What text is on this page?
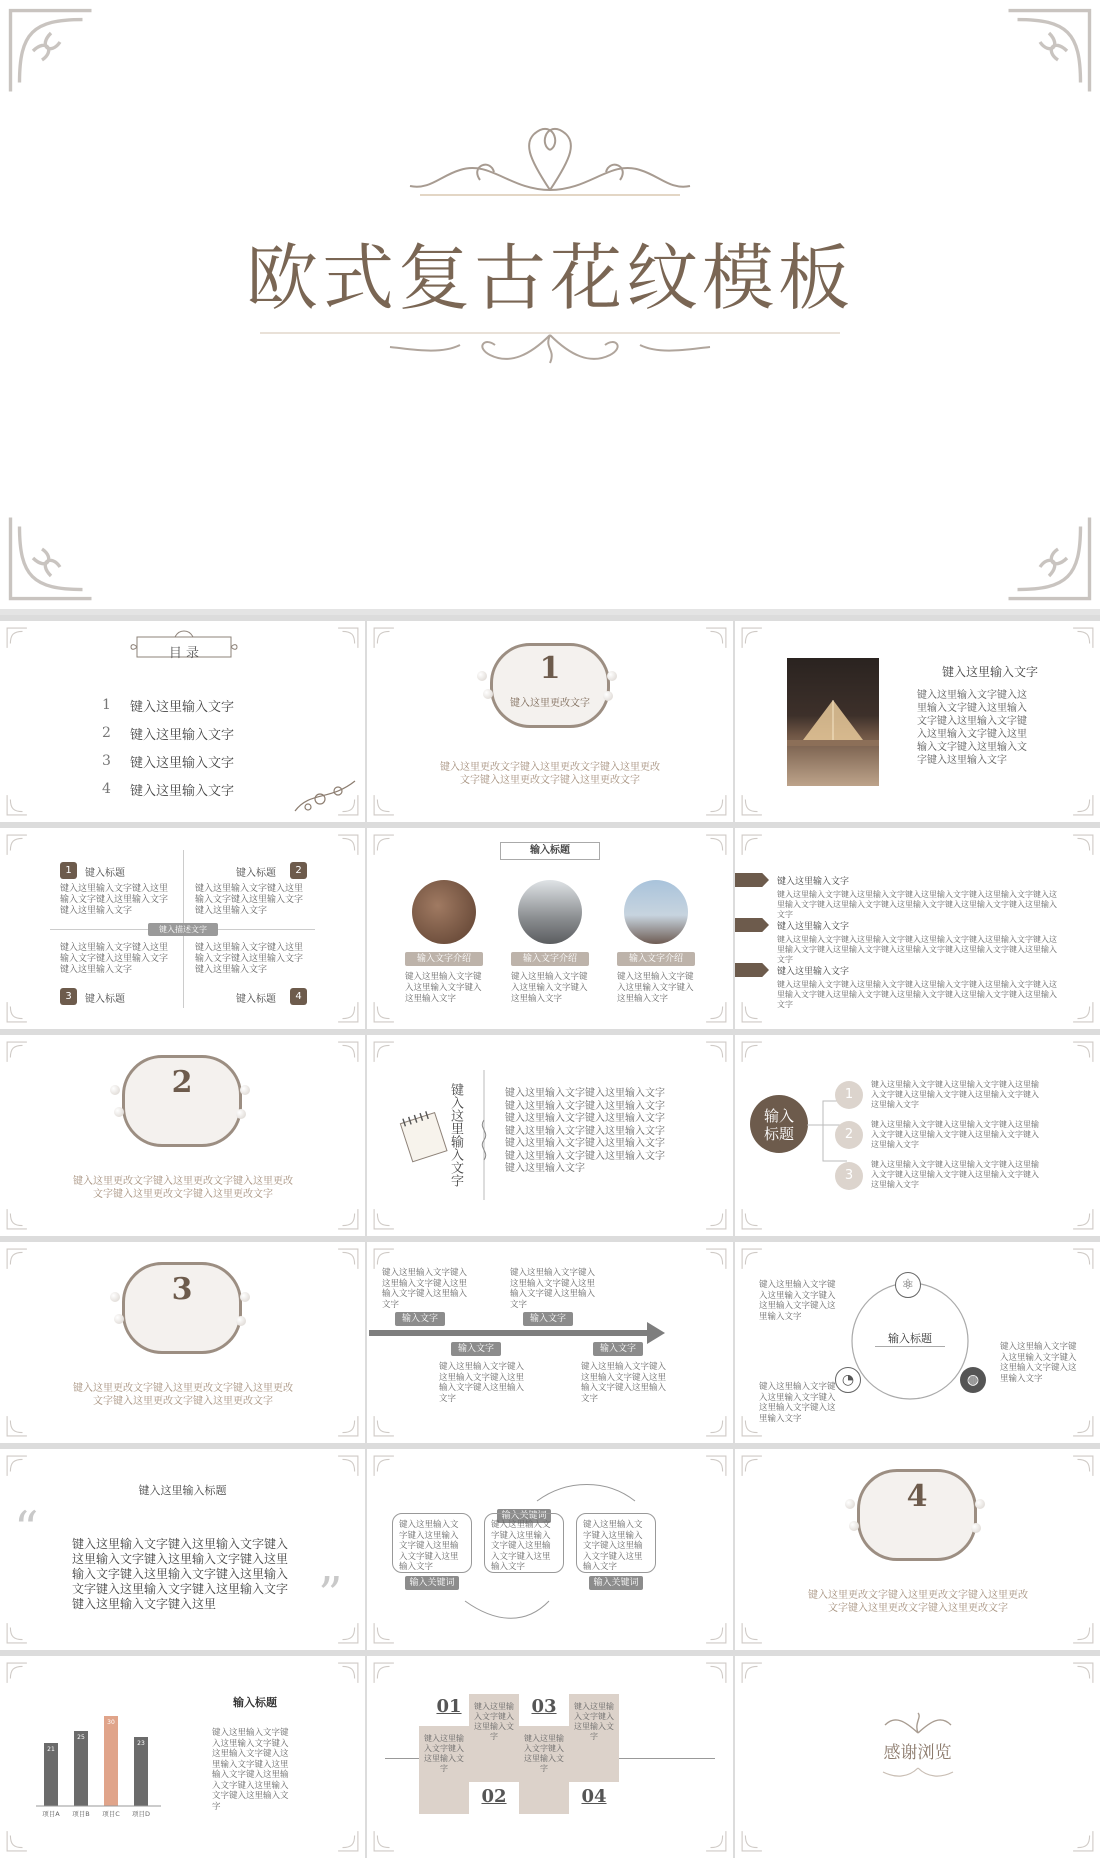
欧式复古花纹模板
目 录
1	键入这里输入文字
2	键入这里输入文字
3	键入这里输入文字
4	键入这里输入文字
1
键入这里更改文字
键入这里更改文字键入这里更改文字键入这里更改文字键入这里更改文字键入这里更改文字
键入这里输入文字
键入这里输入文字键入这里输入文字键入这里输入文字键入这里输入文字键入这里输入文字键入这里输入文字键入这里输入文字键入这里输入文字
键入描述文字
1	键入标题
键入这里输入文字键入这里输入文字键入这里输入文字键入这里输入文字
2
键入标题
键入这里输入文字键入这里输入文字键入这里输入文字键入这里输入文字
键入这里输入文字键入这里输入文字键入这里输入文字键入这里输入文字
3	键入标题
键入这里输入文字键入这里输入文字键入这里输入文字键入这里输入文字
4
键入标题
输入标题
输入文字介绍	输入文字介绍	输入文字介绍
键入这里输入文字键入这里输入文字键入这里输入文字
键入这里输入文字键入这里输入文字键入这里输入文字
键入这里输入文字键入这里输入文字键入这里输入文字
键入这里输入文字
键入这里输入文字键入这里输入文字键入这里输入文字键入这里输入文字键入这里输入文字键入这里输入文字键入这里输入文字键入这里输入文字键入这里输入文字
键入这里输入文字
键入这里输入文字键入这里输入文字键入这里输入文字键入这里输入文字键入这里输入文字键入这里输入文字键入这里输入文字键入这里输入文字键入这里输入文字
键入这里输入文字
键入这里输入文字键入这里输入文字键入这里输入文字键入这里输入文字键入这里输入文字键入这里输入文字键入这里输入文字键入这里输入文字键入这里输入文字
2
键入这里更改文字键入这里更改文字键入这里更改文字键入这里更改文字键入这里更改文字
键入这里输入文字	键入这里输入文字键入这里输入文字键入这里输入文字键入这里输入文字键入这里输入文字键入这里输入文字键入这里输入文字键入这里输入文字键入这里输入文字键入这里输入文字键入这里输入文字键入这里输入文字键入这里输入文字
输入标题
1
键入这里输入文字键入这里输入文字键入这里输入文字键入这里输入文字键入这里输入文字键入这里输入文字
2
键入这里输入文字键入这里输入文字键入这里输入文字键入这里输入文字键入这里输入文字键入这里输入文字
3
键入这里输入文字键入这里输入文字键入这里输入文字键入这里输入文字键入这里输入文字键入这里输入文字
3
键入这里更改文字键入这里更改文字键入这里更改文字键入这里更改文字键入这里更改文字
键入这里输入文字键入这里输入文字键入这里输入文字键入这里输入文字
输入文字
键入这里输入文字键入这里输入文字键入这里输入文字键入这里输入文字
输入文字
输入文字
键入这里输入文字键入这里输入文字键入这里输入文字键入这里输入文字
输入文字
键入这里输入文字键入这里输入文字键入这里输入文字键入这里输入文字
⚛
◍
◔
输入标题
键入这里输入文字键入这里输入文字键入这里输入文字键入这里输入文字
键入这里输入文字键入这里输入文字键入这里输入文字键入这里输入文字
键入这里输入文字键入这里输入文字键入这里输入文字键入这里输入文字
键入这里输入标题
“	键入这里输入文字键入这里输入文字键入这里输入文字键入这里输入文字键入这里输入文字键入这里输入文字键入这里输入文字键入这里输入文字键入这里输入文字键入这里输入文字键入这里	”
键入这里输入文字键入这里输入文字键入这里输入文字键入这里输入文字
输入关键词
输入关键词
键入这里输入文字键入这里输入文字键入这里输入文字键入这里输入文字
键入这里输入文字键入这里输入文字键入这里输入文字键入这里输入文字
输入关键词
4
键入这里更改文字键入这里更改文字键入这里更改文字键入这里更改文字键入这里更改文字
21
项目A
25
项目B
30
项目C
23
项目D
输入标题
键入这里输入文字键入这里输入文字键入这里输入文字键入这里输入文字键入这里输入文字键入这里输入文字键入这里输入文字键入这里输入文字
01
键入这里输入文字键入这里输入文字
键入这里输入文字键入这里输入文字
02
03
键入这里输入文字键入这里输入文字
键入这里输入文字键入这里输入文字
04
感谢浏览
